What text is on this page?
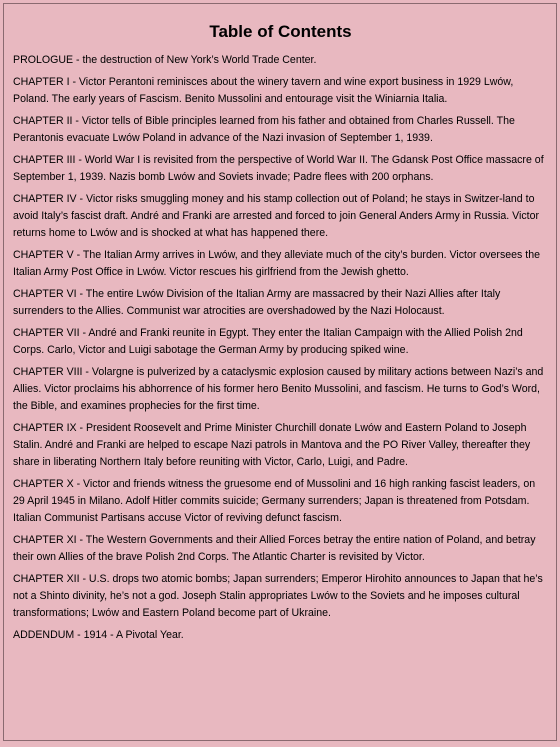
Table of Contents
PROLOGUE - the destruction of New York’s World Trade Center.
CHAPTER I - Victor Perantoni reminisces about the winery tavern and wine export business in 1929 Lwów, Poland. The early years of Fascism. Benito Mussolini and entourage visit the Winiarnia Italia.
CHAPTER II - Victor tells of Bible principles learned from his father and obtained from Charles Russell. The Perantonis evacuate Lwów Poland in advance of the Nazi invasion of September 1, 1939.
CHAPTER III - World War I is revisited from the perspective of World War II. The Gdansk Post Office massacre of September 1, 1939. Nazis bomb Lwów and Soviets invade; Padre flees with 200 orphans.
CHAPTER IV - Victor risks smuggling money and his stamp collection out of Poland; he stays in Switzer-land to avoid Italy’s fascist draft. André and Franki are arrested and forced to join General Anders Army in Russia. Victor returns home to Lwów and is shocked at what has happened there.
CHAPTER V - The Italian Army arrives in Lwów, and they alleviate much of the city’s burden. Victor oversees the Italian Army Post Office in Lwów. Victor rescues his girlfriend from the Jewish ghetto.
CHAPTER VI - The entire Lwów Division of the Italian Army are massacred by their Nazi Allies after Italy surrenders to the Allies. Communist war atrocities are overshadowed by the Nazi Holocaust.
CHAPTER VII - André and Franki reunite in Egypt. They enter the Italian Campaign with the Allied Polish 2nd Corps. Carlo, Victor and Luigi sabotage the German Army by producing spiked wine.
CHAPTER VIII - Volargne is pulverized by a cataclysmic explosion caused by military actions between Nazi’s and Allies. Victor proclaims his abhorrence of his former hero Benito Mussolini, and fascism. He turns to God’s Word, the Bible, and examines prophecies for the first time.
CHAPTER IX - President Roosevelt and Prime Minister Churchill donate Lwów and Eastern Poland to Joseph Stalin. André and Franki are helped to escape Nazi patrols in Mantova and the PO River Valley, thereafter they share in liberating Northern Italy before reuniting with Victor, Carlo, Luigi, and Padre.
CHAPTER X - Victor and friends witness the gruesome end of Mussolini and 16 high ranking fascist leaders, on 29 April 1945 in Milano. Adolf Hitler commits suicide; Germany surrenders; Japan is threatened from Potsdam. Italian Communist Partisans accuse Victor of reviving defunct fascism.
CHAPTER XI - The Western Governments and their Allied Forces betray the entire nation of Poland, and betray their own Allies of the brave Polish 2nd Corps. The Atlantic Charter is revisited by Victor.
CHAPTER XII - U.S. drops two atomic bombs; Japan surrenders; Emperor Hirohito announces to Japan that he’s not a Shinto divinity, he’s not a god. Joseph Stalin appropriates Lwów to the Soviets and he imposes cultural transformations; Lwów and Eastern Poland become part of Ukraine.
ADDENDUM - 1914 - A Pivotal Year.
